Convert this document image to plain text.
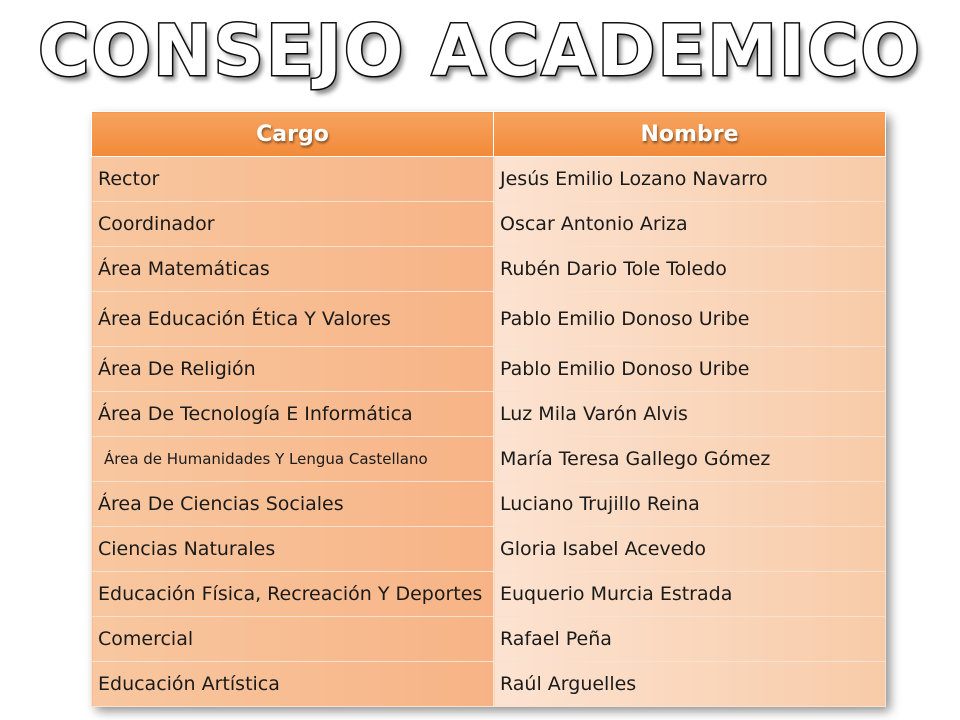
CONSEJO ACADEMICO
Cargo	Nombre
Rector	Jesús Emilio Lozano Navarro
Coordinador	Oscar Antonio Ariza
Área Matemáticas	Rubén Dario Tole Toledo
Área Educación Ética Y Valores	Pablo Emilio Donoso Uribe
Área De Religión	Pablo Emilio Donoso Uribe
Área De Tecnología E Informática	Luz Mila Varón Alvis
Área de Humanidades Y Lengua Castellano	María Teresa Gallego Gómez
Área De Ciencias Sociales	Luciano Trujillo Reina
Ciencias Naturales	Gloria Isabel Acevedo
Educación Física, Recreación Y Deportes	Euquerio Murcia Estrada
Comercial	Rafael Peña
Educación Artística	Raúl Arguelles
